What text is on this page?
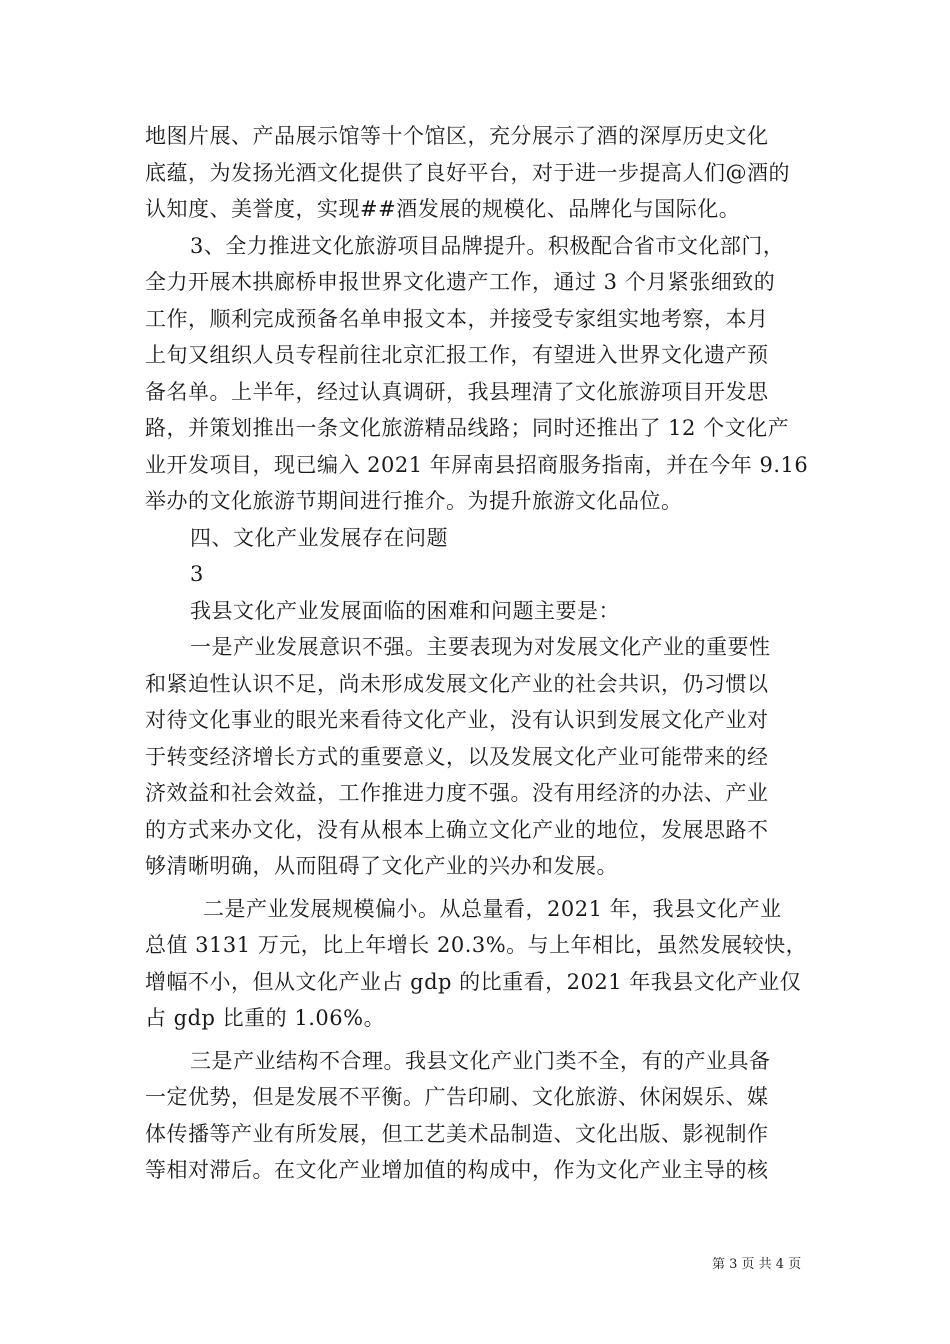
地图片展、产品展示馆等十个馆区，充分展示了酒的深厚历史文化
底蕴，为发扬光酒文化提供了良好平台，对于进一步提高人们@酒的
认知度、美誉度，实现##酒发展的规模化、品牌化与国际化。
3、全力推进文化旅游项目品牌提升。积极配合省市文化部门，
全力开展木拱廊桥申报世界文化遗产工作，通过 3 个月紧张细致的
工作，顺利完成预备名单申报文本，并接受专家组实地考察，本月
上旬又组织人员专程前往北京汇报工作，有望进入世界文化遗产预
备名单。上半年，经过认真调研，我县理清了文化旅游项目开发思
路，并策划推出一条文化旅游精品线路；同时还推出了 12 个文化产
业开发项目，现已编入 2021 年屏南县招商服务指南，并在今年 9.16
举办的文化旅游节期间进行推介。为提升旅游文化品位。
四、文化产业发展存在问题
3
我县文化产业发展面临的困难和问题主要是：
一是产业发展意识不强。主要表现为对发展文化产业的重要性
和紧迫性认识不足，尚未形成发展文化产业的社会共识，仍习惯以
对待文化事业的眼光来看待文化产业，没有认识到发展文化产业对
于转变经济增长方式的重要意义，以及发展文化产业可能带来的经
济效益和社会效益，工作推进力度不强。没有用经济的办法、产业
的方式来办文化，没有从根本上确立文化产业的地位，发展思路不
够清晰明确，从而阻碍了文化产业的兴办和发展。
二是产业发展规模偏小。从总量看，2021 年，我县文化产业
总值 3131 万元，比上年增长 20.3%。与上年相比，虽然发展较快，
增幅不小，但从文化产业占 gdp 的比重看，2021 年我县文化产业仅
占 gdp 比重的 1.06%。
三是产业结构不合理。我县文化产业门类不全，有的产业具备
一定优势，但是发展不平衡。广告印刷、文化旅游、休闲娱乐、媒
体传播等产业有所发展，但工艺美术品制造、文化出版、影视制作
等相对滞后。在文化产业增加值的构成中，作为文化产业主导的核
第 3 页 共 4 页
